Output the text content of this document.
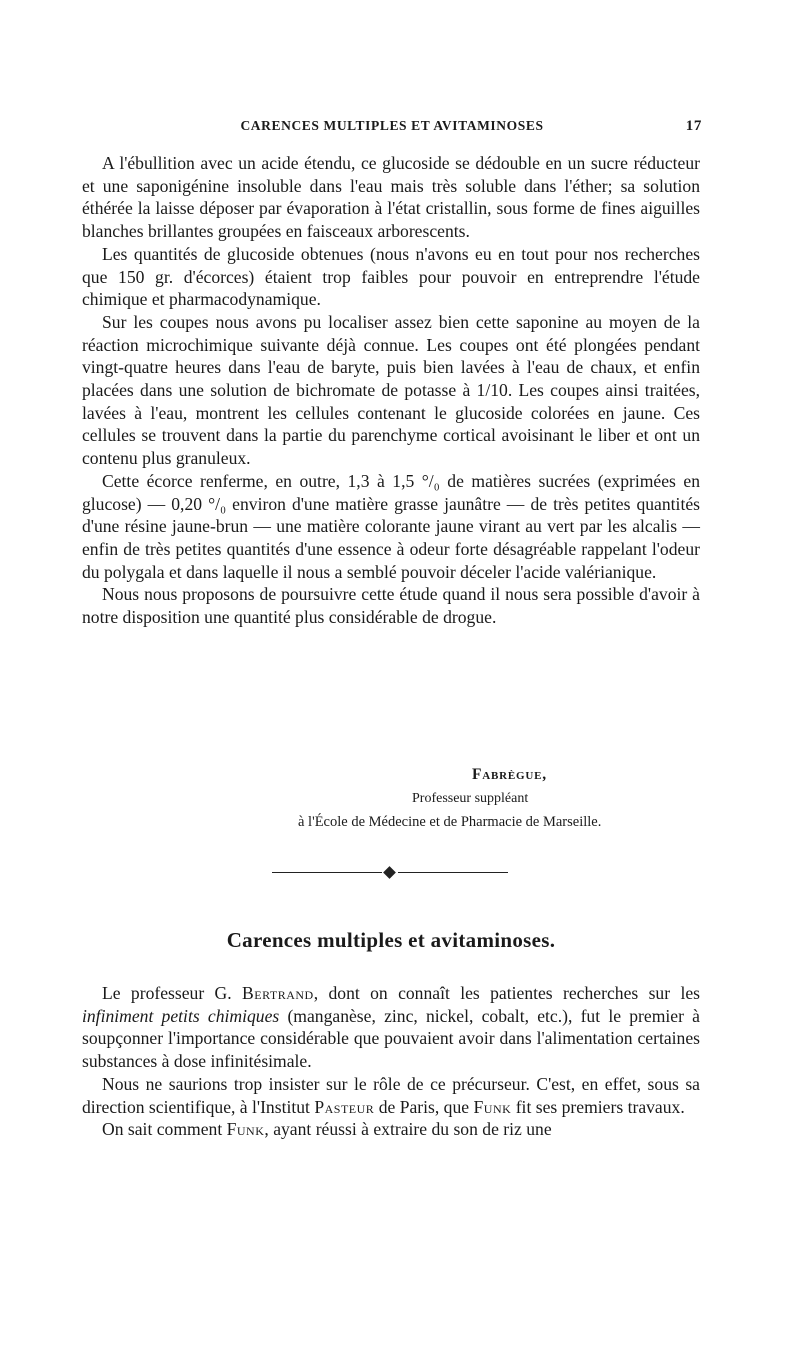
CARENCES MULTIPLES ET AVITAMINOSES	17

A l'ébullition avec un acide étendu, ce glucoside se dédouble en un sucre réducteur et une saponigénine insoluble dans l'eau mais très soluble dans l'éther; sa solution éthérée la laisse déposer par évaporation à l'état cristallin, sous forme de fines aiguilles blanches brillantes groupées en faisceaux arborescents.

Les quantités de glucoside obtenues (nous n'avons eu en tout pour nos recherches que 150 gr. d'écorces) étaient trop faibles pour pouvoir en entreprendre l'étude chimique et pharmacodynamique.

Sur les coupes nous avons pu localiser assez bien cette saponine au moyen de la réaction microchimique suivante déjà connue. Les coupes ont été plongées pendant vingt-quatre heures dans l'eau de baryte, puis bien lavées à l'eau de chaux, et enfin placées dans une solution de bichromate de potasse à 1/10. Les coupes ainsi traitées, lavées à l'eau, montrent les cellules contenant le glucoside colorées en jaune. Ces cellules se trouvent dans la partie du parenchyme cortical avoisinant le liber et ont un contenu plus granuleux.

Cette écorce renferme, en outre, 1,3 à 1,5 °/₀ de matières sucrées (exprimées en glucose) — 0,20 °/₀ environ d'une matière grasse jaunâtre — de très petites quantités d'une résine jaune-brun — une matière colorante jaune virant au vert par les alcalis — enfin de très petites quantités d'une essence à odeur forte désagréable rappelant l'odeur du polygala et dans laquelle il nous a semblé pouvoir déceler l'acide valérianique.

Nous nous proposons de poursuivre cette étude quand il nous sera possible d'avoir à notre disposition une quantité plus considérable de drogue.

Fabrègue,
Professeur suppléant
à l'École de Médecine et de Pharmacie de Marseille.
Carences multiples et avitaminoses.

Le professeur G. Bertrand, dont on connaît les patientes recherches sur les infiniment petits chimiques (manganèse, zinc, nickel, cobalt, etc.), fut le premier à soupçonner l'importance considérable que pouvaient avoir dans l'alimentation certaines substances à dose infinitésimale.

Nous ne saurions trop insister sur le rôle de ce précurseur. C'est, en effet, sous sa direction scientifique, à l'Institut Pasteur de Paris, que Funk fit ses premiers travaux.

On sait comment Funk, ayant réussi à extraire du son de riz une
